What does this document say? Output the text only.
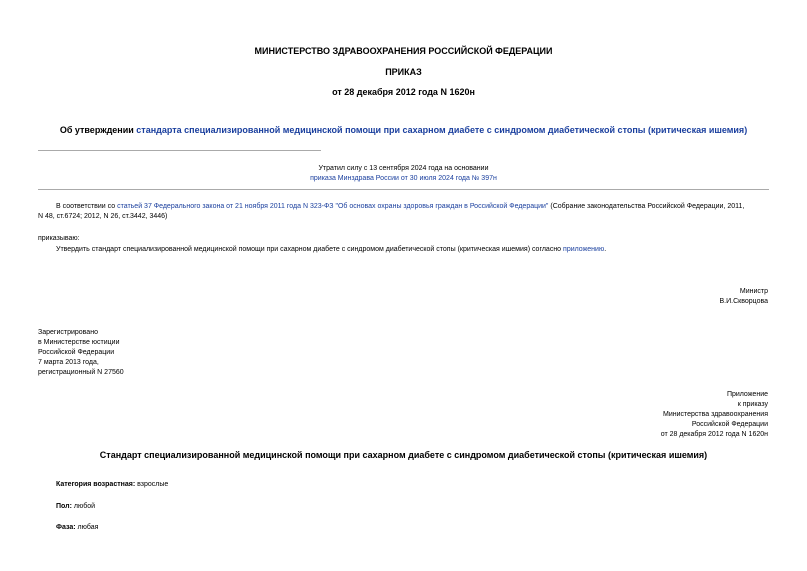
МИНИСТЕРСТВО ЗДРАВООХРАНЕНИЯ РОССИЙСКОЙ ФЕДЕРАЦИИ
ПРИКАЗ
от 28 декабря 2012 года N 1620н
Об утверждении стандарта специализированной медицинской помощи при сахарном диабете с синдромом диабетической стопы (критическая ишемия)
Утратил силу с 13 сентября 2024 года на основании
приказа Минздрава России от 30 июля 2024 года № 397н
В соответствии со статьей 37 Федерального закона от 21 ноября 2011 года N 323-ФЗ "Об основах охраны здоровья граждан в Российской Федерации" (Собрание законодательства Российской Федерации, 2011,
N 48, ст.6724; 2012, N 26, ст.3442, 3446)
приказываю:
Утвердить стандарт специализированной медицинской помощи при сахарном диабете с синдромом диабетической стопы (критическая ишемия) согласно приложению.
Министр
В.И.Скворцова
Зарегистрировано
в Министерстве юстиции
Российской Федерации
7 марта 2013 года,
регистрационный N 27560
Приложение
к приказу
Министерства здравоохранения
Российской Федерации
от 28 декабря 2012 года N 1620н
Стандарт специализированной медицинской помощи при сахарном диабете с синдромом диабетической стопы (критическая ишемия)
Категория возрастная: взрослые
Пол: любой
Фаза: любая
